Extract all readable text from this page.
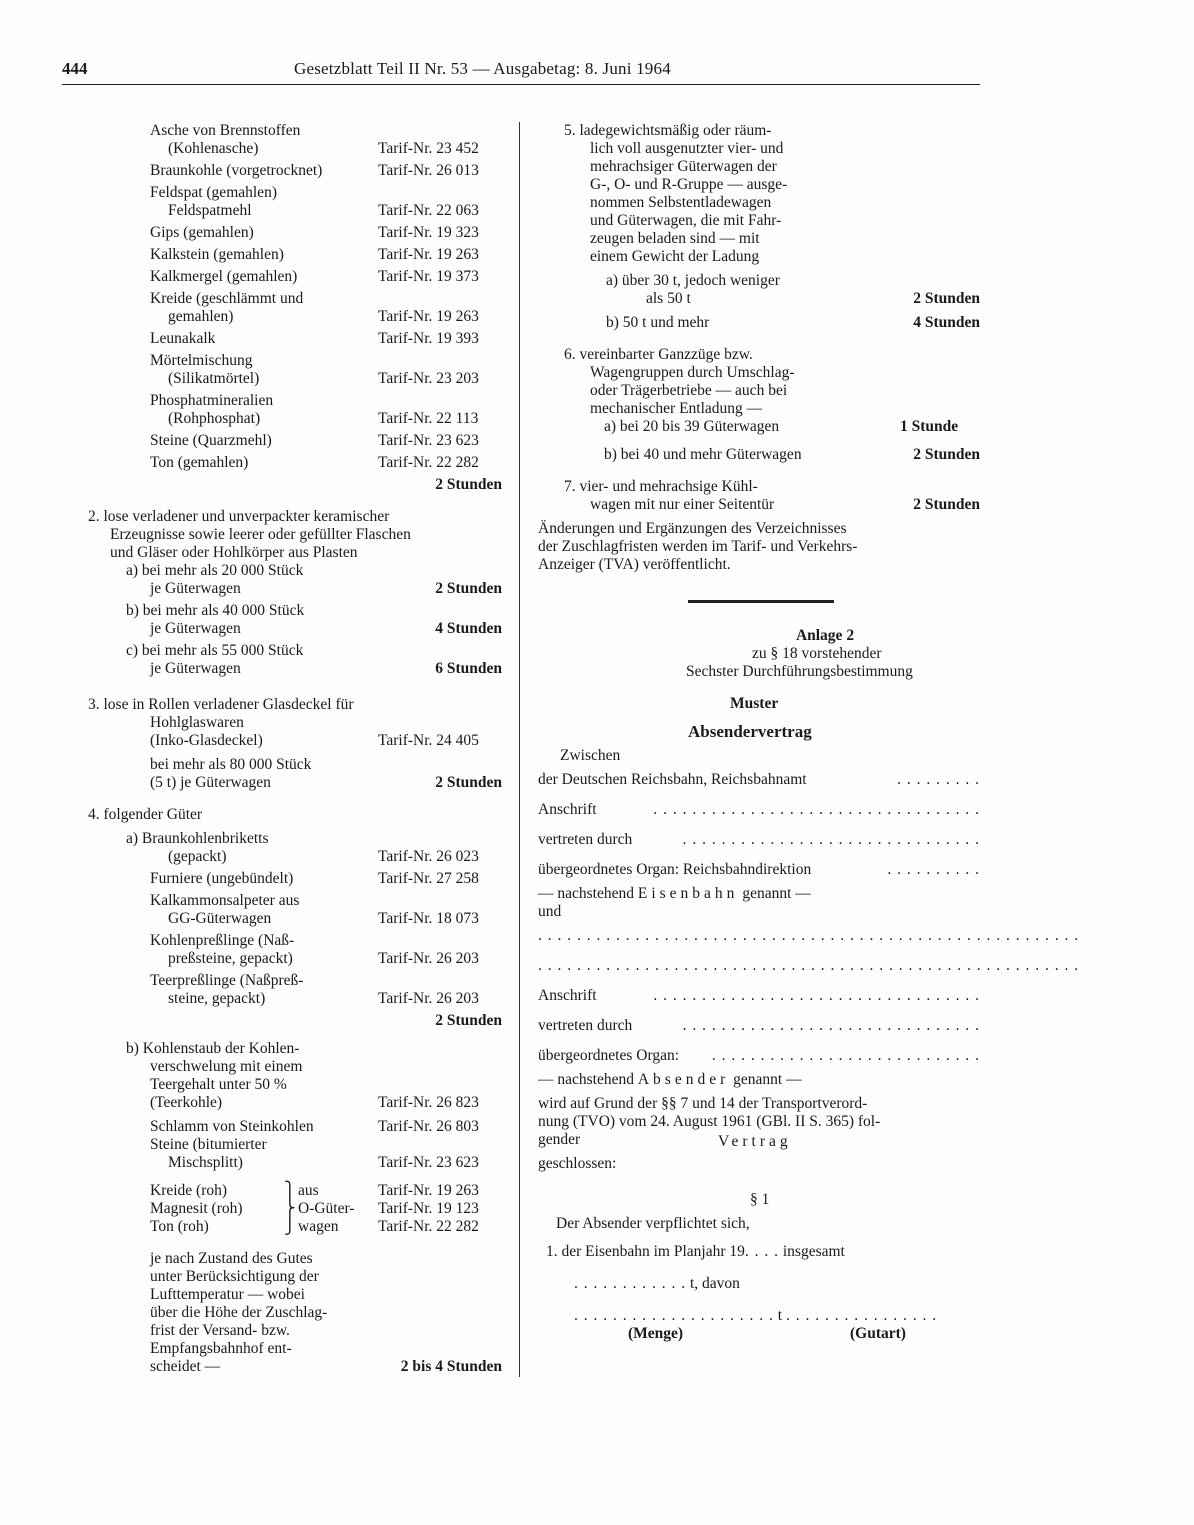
444	Gesetzblatt Teil II Nr. 53 — Ausgabetag: 8. Juni 1964
Asche von Brennstoffen
(Kohlenasche)	Tarif-Nr. 23 452
Braunkohle (vorgetrocknet)	Tarif-Nr. 26 013
Feldspat (gemahlen)
Feldspatmehl	Tarif-Nr. 22 063
Gips (gemahlen)	Tarif-Nr. 19 323
Kalkstein (gemahlen)	Tarif-Nr. 19 263
Kalkmergel (gemahlen)	Tarif-Nr. 19 373
Kreide (geschlämmt und
gemahlen)	Tarif-Nr. 19 263
Leunakalk	Tarif-Nr. 19 393
Mörtelmischung
(Silikatmörtel)	Tarif-Nr. 23 203
Phosphatmineralien
(Rohphosphat)	Tarif-Nr. 22 113
Steine (Quarzmehl)	Tarif-Nr. 23 623
Ton (gemahlen)	Tarif-Nr. 22 282
2 Stunden
2. lose verladener und unverpackter keramischer
Erzeugnisse sowie leerer oder gefüllter Flaschen
und Gläser oder Hohlkörper aus Plasten
a) bei mehr als 20 000 Stück
je Güterwagen	2 Stunden
b) bei mehr als 40 000 Stück
je Güterwagen	4 Stunden
c) bei mehr als 55 000 Stück
je Güterwagen	6 Stunden
3. lose in Rollen verladener Glasdeckel für
Hohlglaswaren
(Inko-Glasdeckel)	Tarif-Nr. 24 405
bei mehr als 80 000 Stück
(5 t) je Güterwagen	2 Stunden
4. folgender Güter
a) Braunkohlenbriketts
(gepackt)	Tarif-Nr. 26 023
Furniere (ungebündelt)	Tarif-Nr. 27 258
Kalkammonsalpeter aus
GG-Güterwagen	Tarif-Nr. 18 073
Kohlenpreßlinge (Naß-
preßsteine, gepackt)	Tarif-Nr. 26 203
Teerpreßlinge (Naßpreß-
steine, gepackt)	Tarif-Nr. 26 203
2 Stunden
b) Kohlenstaub der Kohlen-
verschwelung mit einem
Teergehalt unter 50 %
(Teerkohle)	Tarif-Nr. 26 823
Schlamm von Steinkohlen	Tarif-Nr. 26 803
Steine (bitumierter
Mischsplitt)	Tarif-Nr. 23 623
Kreide (roh)	⎫ aus	Tarif-Nr. 19 263
Magnesit (roh)	⎬ O-Güter- Tarif-Nr. 19 123
Ton (roh)	⎭ wagen	Tarif-Nr. 22 282
je nach Zustand des Gutes
unter Berücksichtigung der
Lufttemperatur — wobei
über die Höhe der Zuschlag-
frist der Versand- bzw.
Empfangsbahnhof ent-
scheidet —	2 bis 4 Stunden
5. ladegewichtsmäßig oder räum-
lich voll ausgenutzter vier- und
mehrachsiger Güterwagen der
G-, O- und R-Gruppe — ausge-
nommen Selbstentladewagen
und Güterwagen, die mit Fahr-
zeugen beladen sind — mit
einem Gewicht der Ladung
a) über 30 t, jedoch weniger
als 50 t	2 Stunden
b) 50 t und mehr	4 Stunden
6. vereinbarter Ganzzüge bzw.
Wagengruppen durch Umschlag-
oder Trägerbetriebe — auch bei
mechanischer Entladung —
a) bei 20 bis 39 Güterwagen	1 Stunde
b) bei 40 und mehr Güterwagen	2 Stunden
7. vier- und mehrachsige Kühl-
wagen mit nur einer Seitentür	2 Stunden
Änderungen und Ergänzungen des Verzeichnisses
der Zuschlagfristen werden im Tarif- und Verkehrs-
Anzeiger (TVA) veröffentlicht.
Anlage 2
zu § 18 vorstehender
Sechster Durchführungsbestimmung
Muster
Absendervertrag
Zwischen
der Deutschen Reichsbahn, Reichsbahnamt	. . . . . . . . .
Anschrift	. . . . . . . . . . . . . . . . . . . . . . . . . . . . . . . . . .
vertreten durch	. . . . . . . . . . . . . . . . . . . . . . . . . . . . . . .
übergeordnetes Organ: Reichsbahndirektion	. . . . . . . . . .
— nachstehend Eisenbahn genannt —
und
. . . . . . . . . . . . . . . . . . . . . . . . . . . . . . . . . . . . . . . . . . . . . . . . . . . . . . . .
. . . . . . . . . . . . . . . . . . . . . . . . . . . . . . . . . . . . . . . . . . . . . . . . . . . . . . . .
Anschrift	. . . . . . . . . . . . . . . . . . . . . . . . . . . . . . . . . .
vertreten durch	. . . . . . . . . . . . . . . . . . . . . . . . . . . . . . .
übergeordnetes Organ: . . . . . . . . . . . . . . . . . . . . . . . . . . . .
— nachstehend Absender genannt —
wird auf Grund der §§ 7 und 14 der Transportverord-
nung (TVO) vom 24. August 1961 (GBl. II S. 365) fol-
gender	Vertrag
geschlossen:
§ 1
Der Absender verpflichtet sich,
1. der Eisenbahn im Planjahr 19. . . . insgesamt
. . . . . . . . . . . . t, davon
. . . . . . . . . . . . . . . . . . . . . t . . . . . . . . . . . . . . . .
(Menge)	(Gutart)
